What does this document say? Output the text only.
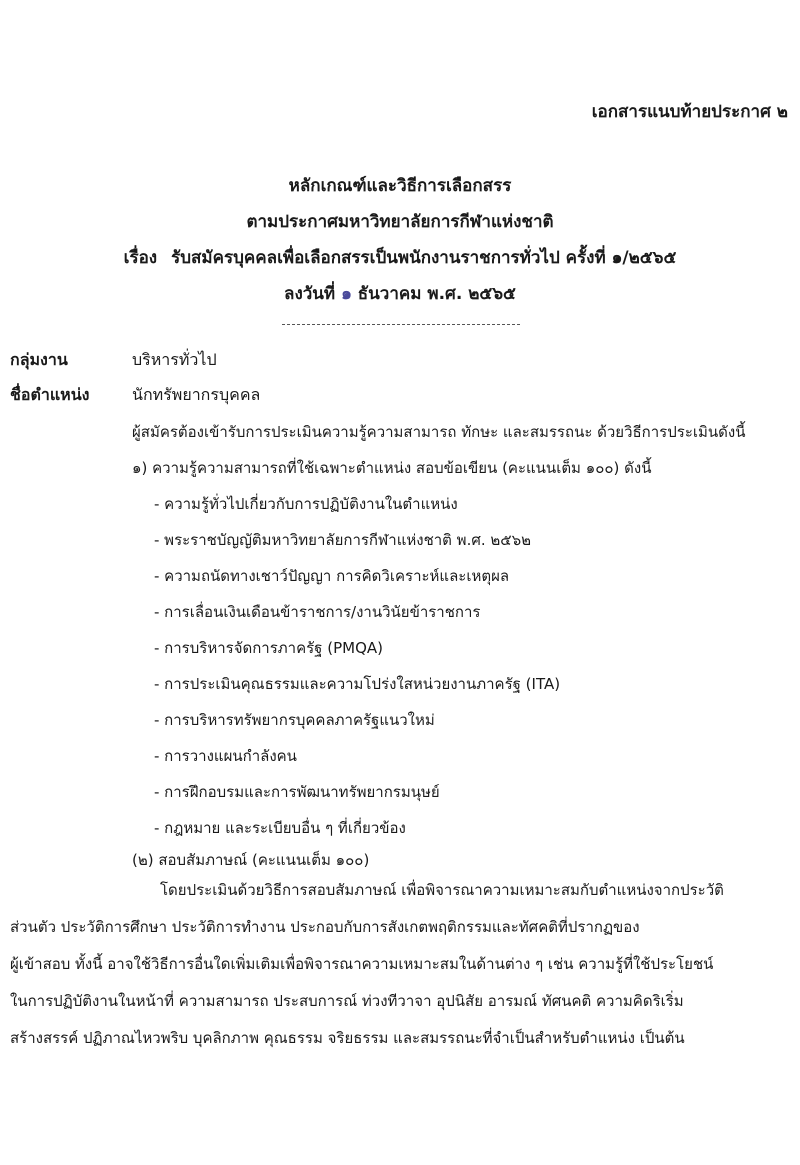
เอกสารแนบท้ายประกาศ ๒
หลักเกณฑ์และวิธีการเลือกสรร
ตามประกาศมหาวิทยาลัยการกีฬาแห่งชาติ
เรื่อง รับสมัครบุคคลเพื่อเลือกสรรเป็นพนักงานราชการทั่วไป ครั้งที่ ๑/๒๕๖๕
ลงวันที่ ๑ ธันวาคม พ.ศ. ๒๕๖๕
กลุ่มงาน	บริหารทั่วไป
ชื่อตำแหน่ง	นักทรัพยากรบุคคล
ผู้สมัครต้องเข้ารับการประเมินความรู้ความสามารถ ทักษะ และสมรรถนะ ด้วยวิธีการประเมินดังนี้
๑) ความรู้ความสามารถที่ใช้เฉพาะตำแหน่ง สอบข้อเขียน (คะแนนเต็ม ๑๐๐) ดังนี้
- ความรู้ทั่วไปเกี่ยวกับการปฏิบัติงานในตำแหน่ง
- พระราชบัญญัติมหาวิทยาลัยการกีฬาแห่งชาติ พ.ศ. ๒๕๖๒
- ความถนัดทางเชาว์ปัญญา การคิดวิเคราะห์และเหตุผล
- การเลื่อนเงินเดือนข้าราชการ/งานวินัยข้าราชการ
- การบริหารจัดการภาครัฐ (PMQA)
- การประเมินคุณธรรมและความโปร่งใสหน่วยงานภาครัฐ (ITA)
- การบริหารทรัพยากรบุคคลภาครัฐแนวใหม่
- การวางแผนกำลังคน
- การฝึกอบรมและการพัฒนาทรัพยากรมนุษย์
- กฎหมาย และระเบียบอื่น ๆ ที่เกี่ยวข้อง
(๒) สอบสัมภาษณ์ (คะแนนเต็ม ๑๐๐)
โดยประเมินด้วยวิธีการสอบสัมภาษณ์ เพื่อพิจารณาความเหมาะสมกับตำแหน่งจากประวัติ
ส่วนตัว ประวัติการศึกษา ประวัติการทำงาน ประกอบกับการสังเกตพฤติกรรมและทัศคติที่ปรากฏของ
ผู้เข้าสอบ ทั้งนี้ อาจใช้วิธีการอื่นใดเพิ่มเติมเพื่อพิจารณาความเหมาะสมในด้านต่าง ๆ เช่น ความรู้ที่ใช้ประโยชน์
ในการปฏิบัติงานในหน้าที่ ความสามารถ ประสบการณ์ ท่วงทีวาจา อุปนิสัย อารมณ์ ทัศนคติ ความคิดริเริ่ม
สร้างสรรค์ ปฏิภาณไหวพริบ บุคลิกภาพ คุณธรรม จริยธรรม และสมรรถนะที่จำเป็นสำหรับตำแหน่ง เป็นต้น
